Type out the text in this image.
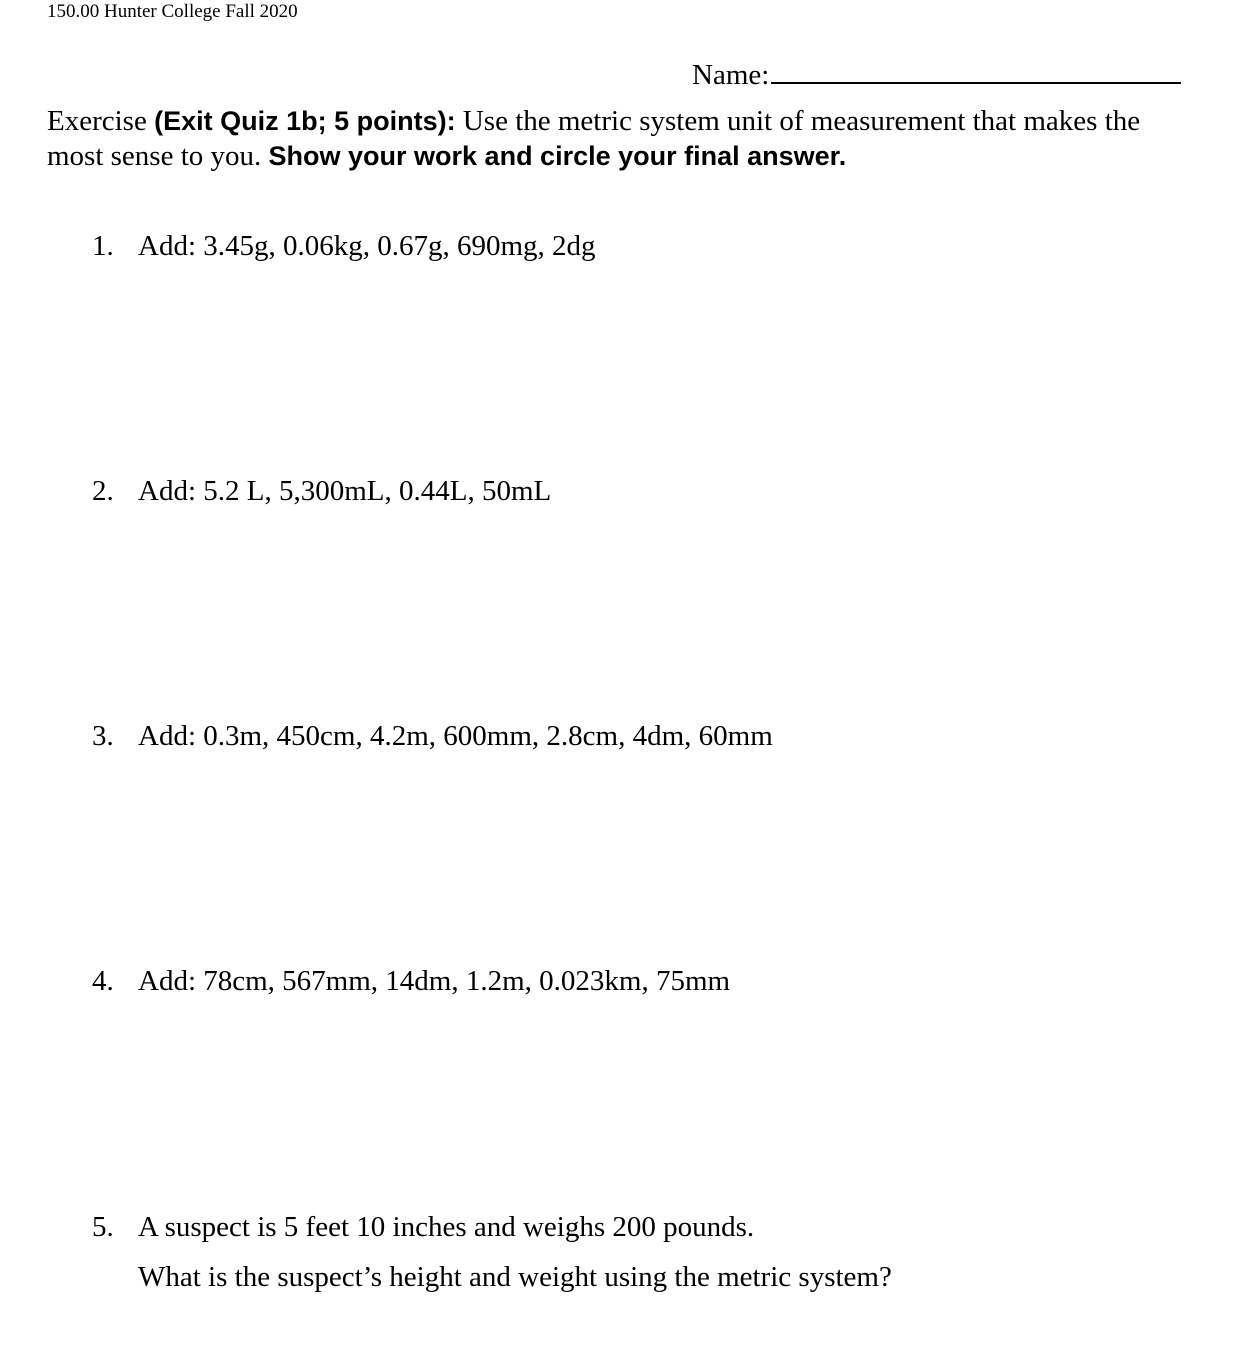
150.00 Hunter College Fall 2020
Name:
Exercise (Exit Quiz 1b; 5 points): Use the metric system unit of measurement that makes the most sense to you. Show your work and circle your final answer.
1. Add: 3.45g, 0.06kg, 0.67g, 690mg, 2dg
2. Add: 5.2 L, 5,300mL, 0.44L, 50mL
3. Add: 0.3m, 450cm, 4.2m, 600mm, 2.8cm, 4dm, 60mm
4. Add: 78cm, 567mm, 14dm, 1.2m, 0.023km, 75mm
5. A suspect is 5 feet 10 inches and weighs 200 pounds.
What is the suspect’s height and weight using the metric system?
